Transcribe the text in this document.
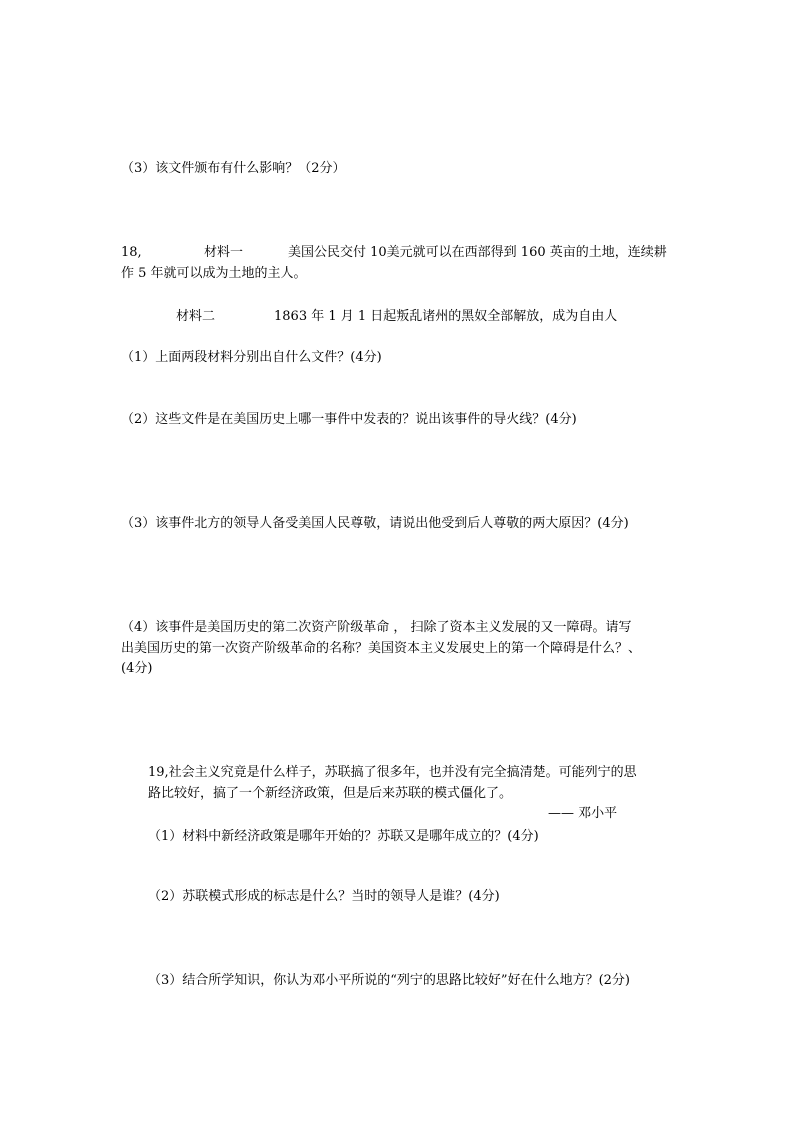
（3）该文件颁布有什么影响？（2分）
18,	材料一	美国公民交付 10美元就可以在西部得到 160 英亩的土地，连续耕
作 5 年就可以成为土地的主人。
材料二	1863 年 1 月 1 日起叛乱诸州的黑奴全部解放，成为自由人
（1）上面两段材料分别出自什么文件？(4分)
（2）这些文件是在美国历史上哪一事件中发表的？说出该事件的导火线？(4分)
（3）该事件北方的领导人备受美国人民尊敬，请说出他受到后人尊敬的两大原因？(4分)
（4）该事件是美国历史的第二次资产阶级革命 ， 扫除了资本主义发展的又一障碍。请写
出美国历史的第一次资产阶级革命的名称？美国资本主义发展史上的第一个障碍是什么？、
(4分)
19,社会主义究竟是什么样子，苏联搞了很多年，也并没有完全搞清楚。可能列宁的思
路比较好，搞了一个新经济政策，但是后来苏联的模式僵化了。
—— 邓小平
（1）材料中新经济政策是哪年开始的？苏联又是哪年成立的？(4分)
（2）苏联模式形成的标志是什么？当时的领导人是谁？(4分)
（3）结合所学知识，你认为邓小平所说的“列宁的思路比较好”好在什么地方？(2分)
